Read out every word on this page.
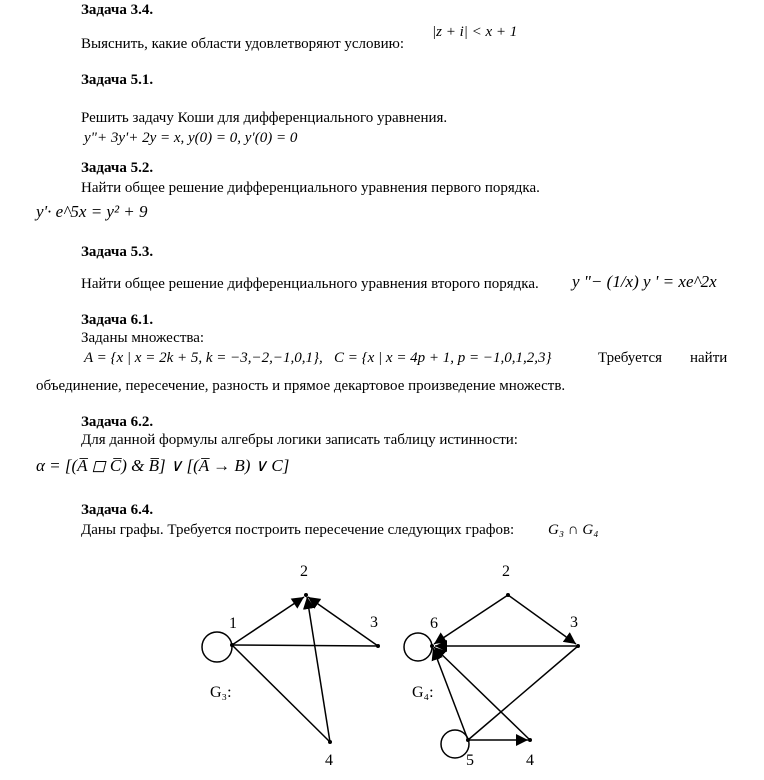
Задача 3.4.
Выяснить, какие области удовлетворяют условию:
|z + i| < x + 1
Задача 5.1.
Решить задачу Коши для дифференциального уравнения.
y"+ 3y'+ 2y = x, y(0) = 0, y′(0) = 0
Задача 5.2.
Найти общее решение дифференциального уравнения первого порядка.
y'· e^5x = y² + 9
Задача 5.3.
Найти общее решение дифференциального уравнения второго порядка. y "− (1/x) y ' = xe^2x
Задача 6.1.
Заданы множества:
A = {x | x = 2k + 5, k = −3,−2,−1,0,1}, C = {x | x = 4p + 1, p = −1,0,1,2,3}	Требуется найти
объединение, пересечение, разность и прямое декартовое произведение множеств.
Задача 6.2.
Для данной формулы алгебры логики записать таблицу истинности:
α = [(A̅ ◻ C̅) & B̅] ∨ [(A̅ → B) ∨ C]
Задача 6.4.
Даны графы. Требуется построить пересечение следующих графов: G₃ ∩ G₄
2
1	3
4
G₃:
2
6	3
5	4
G₄:
